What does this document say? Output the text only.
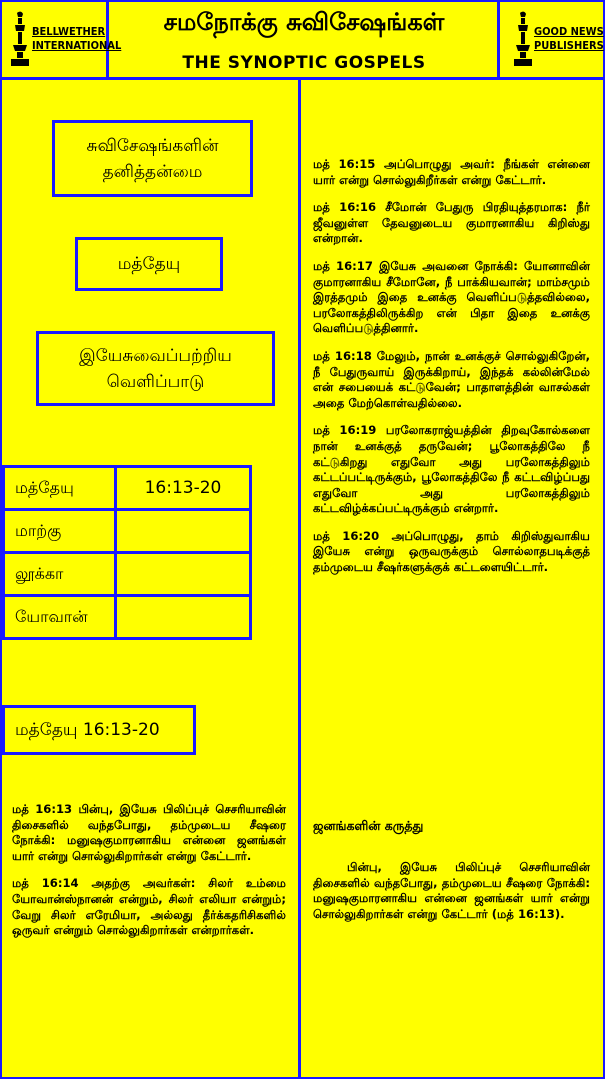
BELLWETHER
INTERNATIONAL
சமநோக்கு சுவிசேஷங்கள்
THE SYNOPTIC GOSPELS
GOOD NEWS
PUBLISHERS
சுவிசேஷங்களின்
தனித்தன்மை
மத்தேயு
இயேசுவைப்பற்றிய
வெளிப்பாடு
மத்தேயு	16:13-20
மாற்கு	
லூக்கா	
யோவான்	
மத்தேயு 16:13-20

மத் 16:13 பின்பு, இயேசு பிலிப்புச் செசரியாவின் திசைகளில் வந்தபோது, தம்முடைய சீஷரை நோக்கி: மனுஷகுமாரனாகிய என்னை ஜனங்கள் யார் என்று சொல்லுகிறார்கள் என்று கேட்டார்.

மத் 16:14 அதற்கு அவர்கள்: சிலர் உம்மை யோவான்ஸ்நானன் என்றும், சிலர் எலியா என்றும்; வேறு சிலர் எரேமியா, அல்லது தீர்க்கதரிசிகளில் ஒருவர் என்றும் சொல்லுகிறார்கள் என்றார்கள்.

மத் 16:15 அப்பொழுது அவர்: நீங்கள் என்னை யார் என்று சொல்லுகிறீர்கள் என்று கேட்டார்.

மத் 16:16 சீமோன் பேதுரு பிரதியுத்தரமாக: நீர் ஜீவனுள்ள தேவனுடைய குமாரனாகிய கிறிஸ்து என்றான்.

மத் 16:17 இயேசு அவனை நோக்கி: யோனாவின் குமாரனாகிய சீமோனே, நீ பாக்கியவான்; மாம்சமும் இரத்தமும் இதை உனக்கு வெளிப்படுத்தவில்லை, பரலோகத்திலிருக்கிற என் பிதா இதை உனக்கு வெளிப்படுத்தினார்.

மத் 16:18 மேலும், நான் உனக்குச் சொல்லுகிறேன், நீ பேதுருவாய் இருக்கிறாய், இந்தக் கல்லின்மேல் என் சபையைக் கட்டுவேன்; பாதாளத்தின் வாசல்கள் அதை மேற்கொள்வதில்லை.

மத் 16:19 பரலோகராஜ்யத்தின் திறவுகோல்களை நான் உனக்குத் தருவேன்; பூலோகத்திலே நீ கட்டுகிறது எதுவோ அது பரலோகத்திலும் கட்டப்பட்டிருக்கும், பூலோகத்திலே நீ கட்டவிழ்ப்பது எதுவோ அது பரலோகத்திலும் கட்டவிழ்க்கப்பட்டிருக்கும் என்றார்.

மத் 16:20 அப்பொழுது, தாம் கிறிஸ்துவாகிய இயேசு என்று ஒருவருக்கும் சொல்லாதபடிக்குத் தம்முடைய சீஷர்களுக்குக் கட்டளையிட்டார்.

ஜனங்களின் கருத்து
பின்பு, இயேசு பிலிப்புச் செசரியாவின் திசைகளில் வந்தபோது, தம்முடைய சீஷரை நோக்கி: மனுஷகுமாரனாகிய என்னை ஜனங்கள் யார் என்று சொல்லுகிறார்கள் என்று கேட்டார் (மத் 16:13).
